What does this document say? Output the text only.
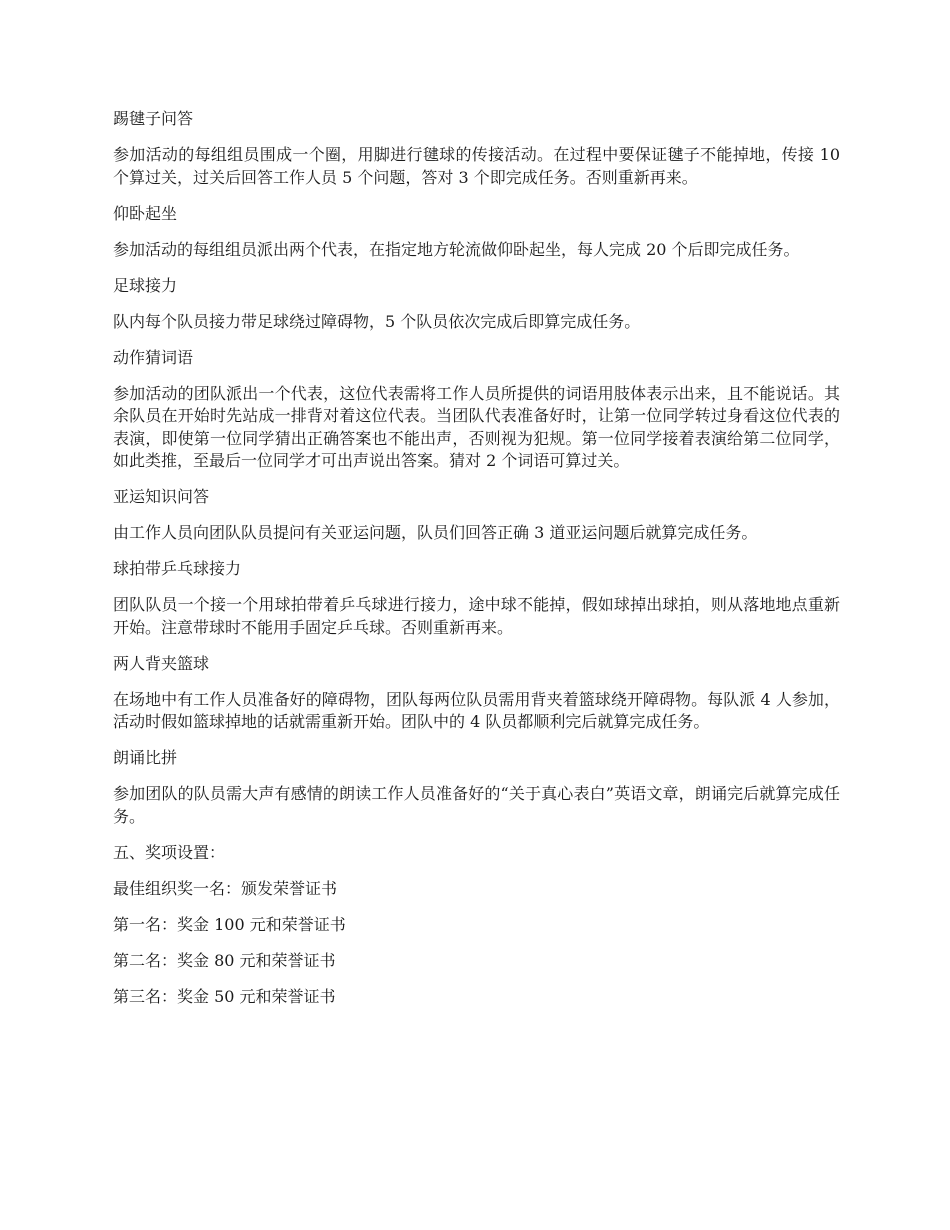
踢毽子问答

参加活动的每组组员围成一个圈，用脚进行毽球的传接活动。在过程中要保证毽子不能掉地，传接 10 个算过关，过关后回答工作人员 5 个问题，答对 3 个即完成任务。否则重新再来。

仰卧起坐

参加活动的每组组员派出两个代表，在指定地方轮流做仰卧起坐，每人完成 20 个后即完成任务。

足球接力

队内每个队员接力带足球绕过障碍物，5 个队员依次完成后即算完成任务。

动作猜词语

参加活动的团队派出一个代表，这位代表需将工作人员所提供的词语用肢体表示出来，且不能说话。其余队员在开始时先站成一排背对着这位代表。当团队代表准备好时，让第一位同学转过身看这位代表的表演，即使第一位同学猜出正确答案也不能出声，否则视为犯规。第一位同学接着表演给第二位同学，如此类推，至最后一位同学才可出声说出答案。猜对 2 个词语可算过关。

亚运知识问答

由工作人员向团队队员提问有关亚运问题，队员们回答正确 3 道亚运问题后就算完成任务。

球拍带乒乓球接力

团队队员一个接一个用球拍带着乒乓球进行接力，途中球不能掉，假如球掉出球拍，则从落地地点重新开始。注意带球时不能用手固定乒乓球。否则重新再来。

两人背夹篮球

在场地中有工作人员准备好的障碍物，团队每两位队员需用背夹着篮球绕开障碍物。每队派 4 人参加，活动时假如篮球掉地的话就需重新开始。团队中的 4 队员都顺利完后就算完成任务。

朗诵比拼

参加团队的队员需大声有感情的朗读工作人员准备好的“关于真心表白”英语文章，朗诵完后就算完成任务。

五、奖项设置：

最佳组织奖一名：颁发荣誉证书

第一名：奖金 100 元和荣誉证书

第二名：奖金 80 元和荣誉证书

第三名：奖金 50 元和荣誉证书
